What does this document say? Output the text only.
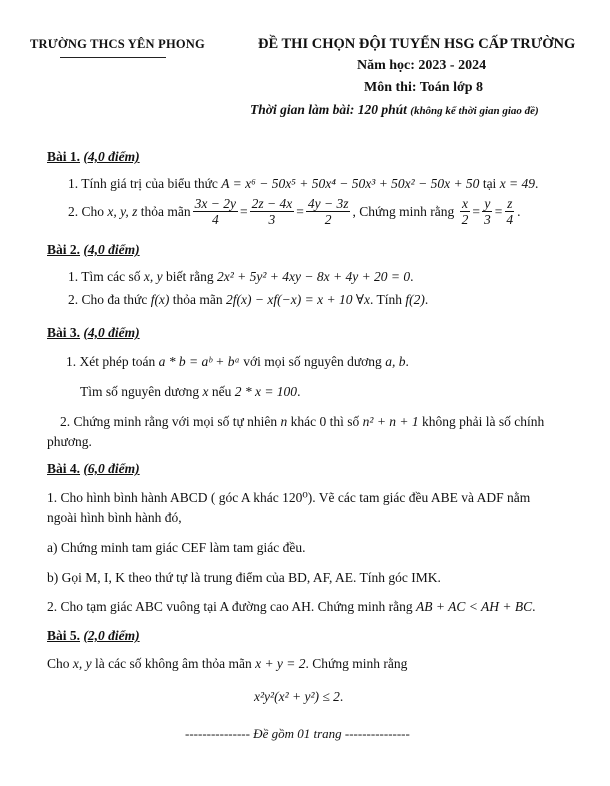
TRƯỜNG THCS YÊN PHONG	ĐỀ THI CHỌN ĐỘI TUYỂN HSG CẤP TRƯỜNG
Năm học: 2023 - 2024
Môn thi: Toán lớp 8
Thời gian làm bài: 120 phút (không kể thời gian giao đề)
Bài 1. (4,0 điểm)
1. Tính giá trị của biểu thức A = x⁶ − 50x⁵ + 50x⁴ − 50x³ + 50x² − 50x + 50 tại x = 49.
2. Cho
x, y, z
thỏa mãn $\frac{3x - 2y}{4} = \frac{2z - 4x}{3} = \frac{4y - 3z}{2}$ , Chứng minh rằng
$\frac{x}{2} = \frac{y}{3} = \frac{z}{4}$ .
Bài 2. (4,0 điểm)
1. Tìm các số x, y biết rằng 2x² + 5y² + 4xy − 8x + 4y + 20 = 0.
2. Cho đa thức f(x) thỏa mãn 2f(x) − xf(−x) = x + 10 ∀x. Tính f(2).
Bài 3. (4,0 điểm)
1. Xét phép toán a * b = aᵇ + bᵃ với mọi số nguyên dương a, b.
Tìm số nguyên dương x nếu 2 * x = 100.
2. Chứng minh rằng với mọi số tự nhiên n khác 0 thì số n² + n + 1 không phải là số chính
phương.
Bài 4. (6,0 điểm)
1. Cho hình bình hành ABCD ( góc A khác 120⁰). Vẽ các tam giác đều ABE và ADF nằm
ngoài hình bình hành đó,
a) Chứng minh tam giác CEF làm tam giác đều.
b) Gọi M, I, K theo thứ tự là trung điểm của BD, AF, AE. Tính góc IMK.
2. Cho tạm giác ABC vuông tại A đường cao AH. Chứng minh rằng AB + AC < AH + BC.
Bài 5. (2,0 điểm)
Cho x, y là các số không âm thỏa mãn x + y = 2. Chứng minh rằng
x²y²(x² + y²) ≤ 2.
--------------- Đề gồm 01 trang ---------------
